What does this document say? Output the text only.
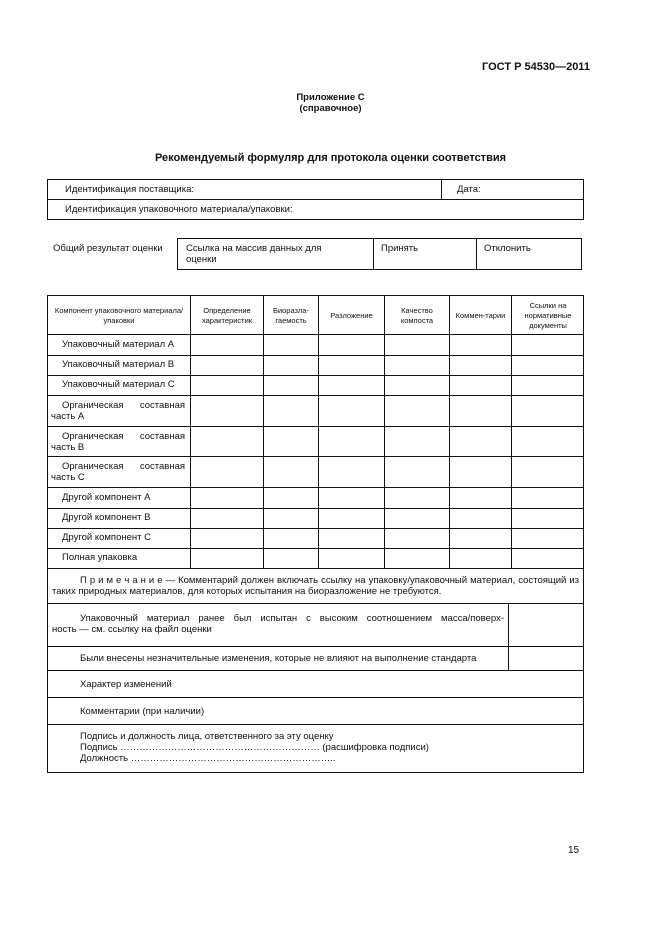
ГОСТ Р 54530—2011
Приложение С
(справочное)
Рекомендуемый формуляр для протокола оценки соответствия
Идентификация поставщика:	Дата:
Идентификация упаковочного материала/упаковки:
Общий результат оценки Ссылка на массив данных для оценки
Принять	Отклонить
Компонент упаковочного материала/упаковки
Определение характеристик
Биоразла-гаемость
Разложение
Качество компоста
Коммен-тарии
Ссылки на нормативные документы
Упаковочный материал А
Упаковочный материал В
Упаковочный материал С
Органическая составная
часть А
Органическая составная
часть В
Органическая составная
часть С
Другой компонент А
Другой компонент В
Другой компонент С
Полная упаковка
П р и м е ч а н и е — Комментарий должен включать ссылку на упаковку/упаковочный материал, состоящий из таких природных материалов, для которых испытания на биоразложение не требуются.
Упаковочный материал ранее был испытан с высоким соотношением масса/поверх-
ность — см. ссылку на файл оценки
Были внесены незначительные изменения, которые не влияют на выполнение стандарта
Характер изменений
Комментарии (при наличии)
Подпись и должность лица, ответственного за эту оценку
Подпись ……………………………………………………… (расшифровка подписи)
Должность ………………………………………………………..
15
